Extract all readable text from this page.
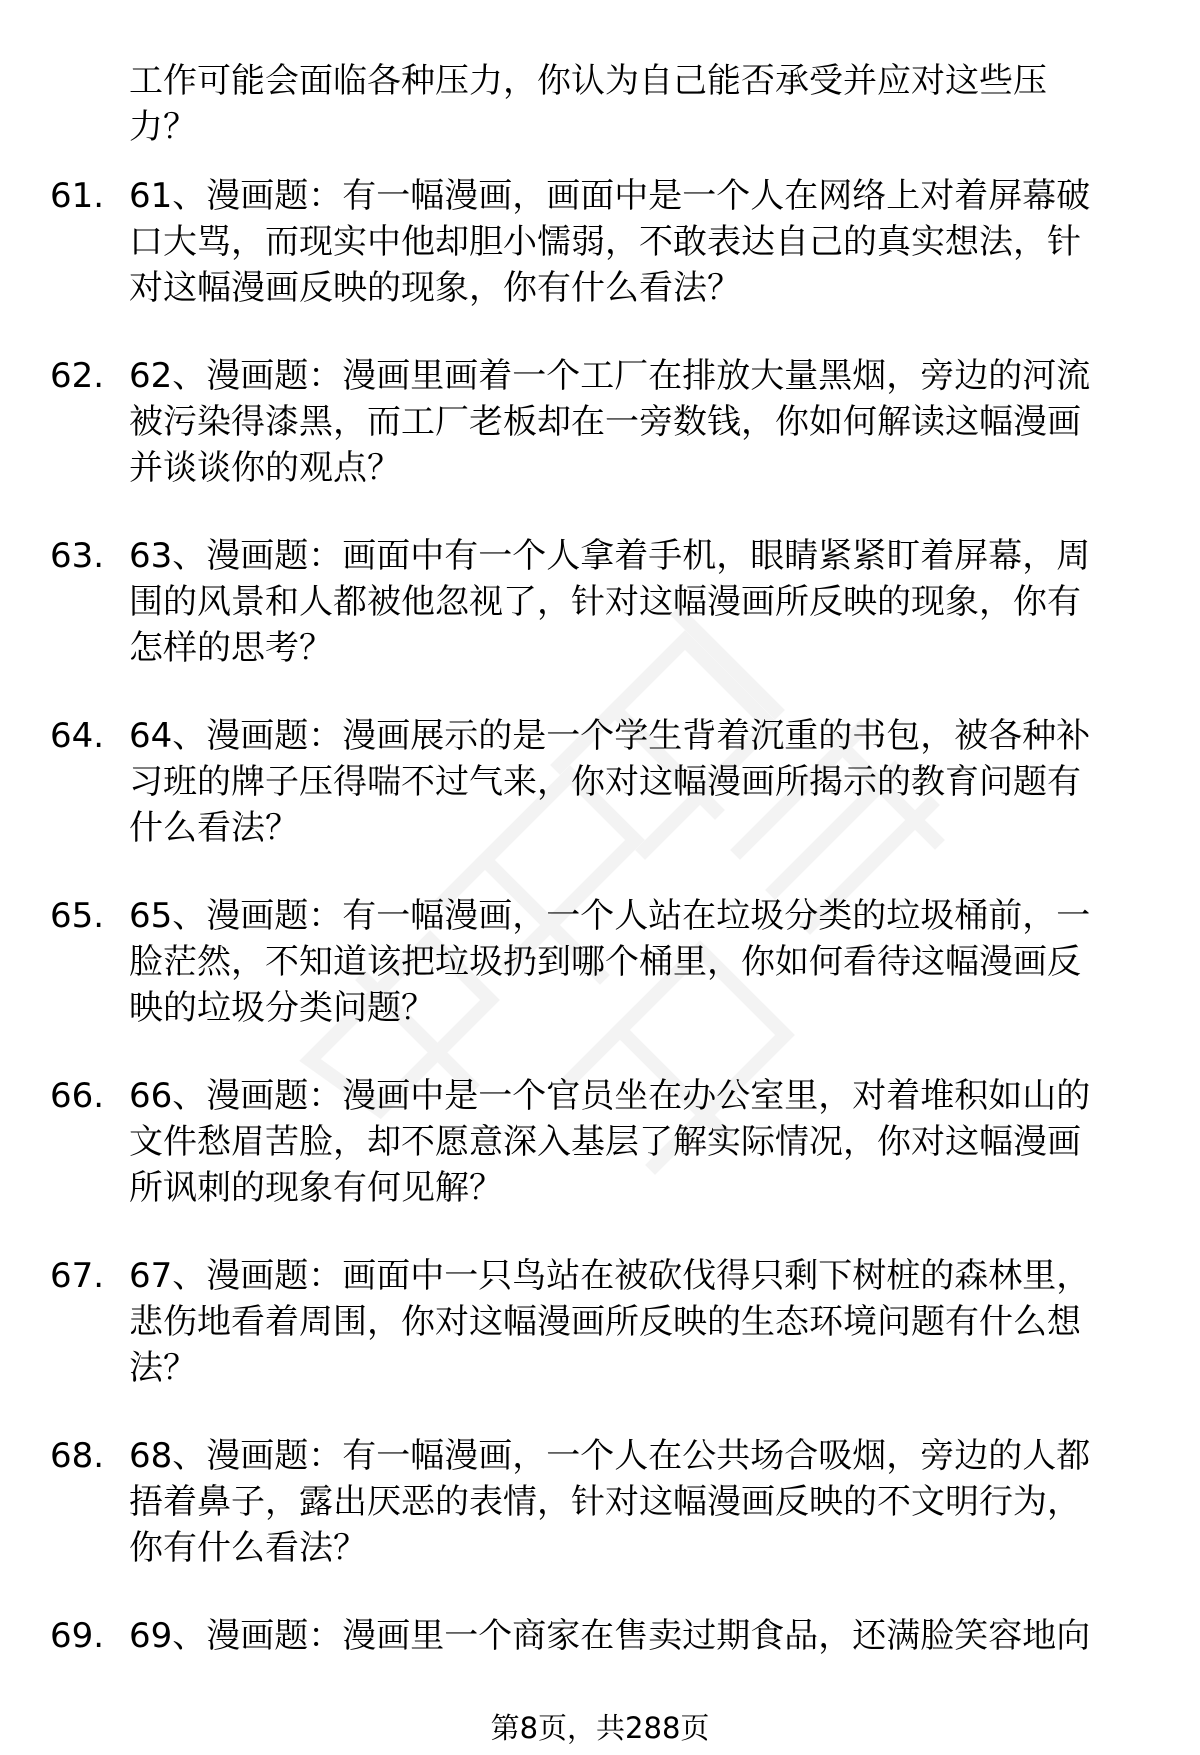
工作可能会面临各种压力，你认为自己能否承受并应对这些压
力？
61. 61、漫画题：有一幅漫画，画面中是一个人在网络上对着屏幕破
口大骂，而现实中他却胆小懦弱，不敢表达自己的真实想法，针
对这幅漫画反映的现象，你有什么看法？
62. 62、漫画题：漫画里画着一个工厂在排放大量黑烟，旁边的河流
被污染得漆黑，而工厂老板却在一旁数钱，你如何解读这幅漫画
并谈谈你的观点？
63. 63、漫画题：画面中有一个人拿着手机，眼睛紧紧盯着屏幕，周
围的风景和人都被他忽视了，针对这幅漫画所反映的现象，你有
怎样的思考？
64. 64、漫画题：漫画展示的是一个学生背着沉重的书包，被各种补
习班的牌子压得喘不过气来，你对这幅漫画所揭示的教育问题有
什么看法？
65. 65、漫画题：有一幅漫画，一个人站在垃圾分类的垃圾桶前，一
脸茫然，不知道该把垃圾扔到哪个桶里，你如何看待这幅漫画反
映的垃圾分类问题？
66. 66、漫画题：漫画中是一个官员坐在办公室里，对着堆积如山的
文件愁眉苦脸，却不愿意深入基层了解实际情况，你对这幅漫画
所讽刺的现象有何见解？
67. 67、漫画题：画面中一只鸟站在被砍伐得只剩下树桩的森林里，
悲伤地看着周围，你对这幅漫画所反映的生态环境问题有什么想
法？
68. 68、漫画题：有一幅漫画，一个人在公共场合吸烟，旁边的人都
捂着鼻子，露出厌恶的表情，针对这幅漫画反映的不文明行为，
你有什么看法？
69. 69、漫画题：漫画里一个商家在售卖过期食品，还满脸笑容地向
第8页，共288页
